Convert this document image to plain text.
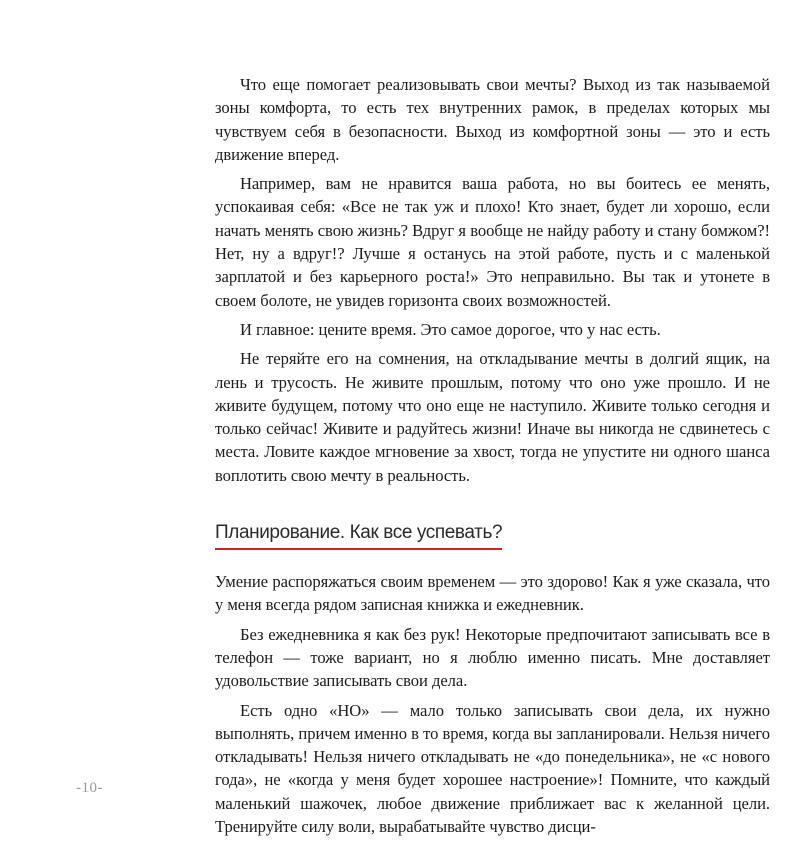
Что еще помогает реализовывать свои мечты? Выход из так называемой зоны комфорта, то есть тех внутренних рамок, в пределах которых мы чувствуем себя в безопасности. Выход из комфортной зоны — это и есть движение вперед.

Например, вам не нравится ваша работа, но вы боитесь ее менять, успокаивая себя: «Все не так уж и плохо! Кто знает, будет ли хорошо, если начать менять свою жизнь? Вдруг я вообще не найду работу и стану бомжом?! Нет, ну а вдруг!? Лучше я останусь на этой работе, пусть и с маленькой зарплатой и без карьерного роста!» Это неправильно. Вы так и утонете в своем болоте, не увидев горизонта своих возможностей.

И главное: цените время. Это самое дорогое, что у нас есть.

Не теряйте его на сомнения, на откладывание мечты в долгий ящик, на лень и трусость. Не живите прошлым, потому что оно уже прошло. И не живите будущем, потому что оно еще не наступило. Живите только сегодня и только сейчас! Живите и радуйтесь жизни! Иначе вы никогда не сдвинетесь с места. Ловите каждое мгновение за хвост, тогда не упустите ни одного шанса воплотить свою мечту в реальность.

Планирование. Как все успевать?

Умение распоряжаться своим временем — это здорово! Как я уже сказала, что у меня всегда рядом записная книжка и ежедневник.

Без ежедневника я как без рук! Некоторые предпочитают записывать все в телефон — тоже вариант, но я люблю именно писать. Мне доставляет удовольствие записывать свои дела.

Есть одно «НО» — мало только записывать свои дела, их нужно выполнять, причем именно в то время, когда вы запланировали. Нельзя ничего откладывать! Нельзя ничего откладывать не «до понедельника», не «с нового года», не «когда у меня будет хорошее настроение»! Помните, что каждый маленький шажочек, любое движение приближает вас к желанной цели. Тренируйте силу воли, вырабатывайте чувство дисци-

-10-
